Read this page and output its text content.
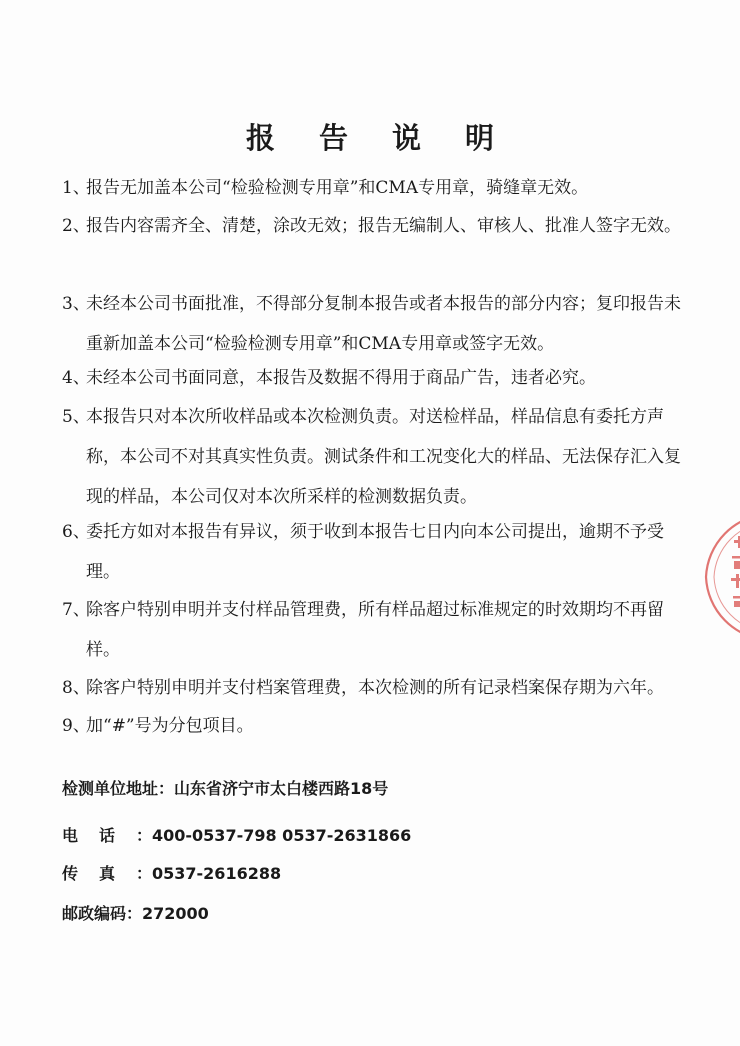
报告说明
1、
报告无加盖本公司“检验检测专用章”和CMA专用章，骑缝章无效。
2、
报告内容需齐全、清楚，涂改无效；报告无编制人、审核人、批准人签字无效。
3、
未经本公司书面批准，不得部分复制本报告或者本报告的部分内容；复印报告未重新加盖本公司“检验检测专用章”和CMA专用章或签字无效。
4、
未经本公司书面同意，本报告及数据不得用于商品广告，违者必究。
5、
本报告只对本次所收样品或本次检测负责。对送检样品，样品信息有委托方声称，本公司不对其真实性负责。测试条件和工况变化大的样品、无法保存汇入复现的样品，本公司仅对本次所采样的检测数据负责。
6、
委托方如对本报告有异议，须于收到本报告七日内向本公司提出，逾期不予受理。
7、
除客户特别申明并支付样品管理费，所有样品超过标准规定的时效期均不再留样。
8、
除客户特别申明并支付档案管理费，本次检测的所有记录档案保存期为六年。
9、
加“#”号为分包项目。
检测单位地址：山东省济宁市太白楼西路18号
电话：400-0537-798 0537-2631866
传真：0537-2616288
邮政编码：272000
